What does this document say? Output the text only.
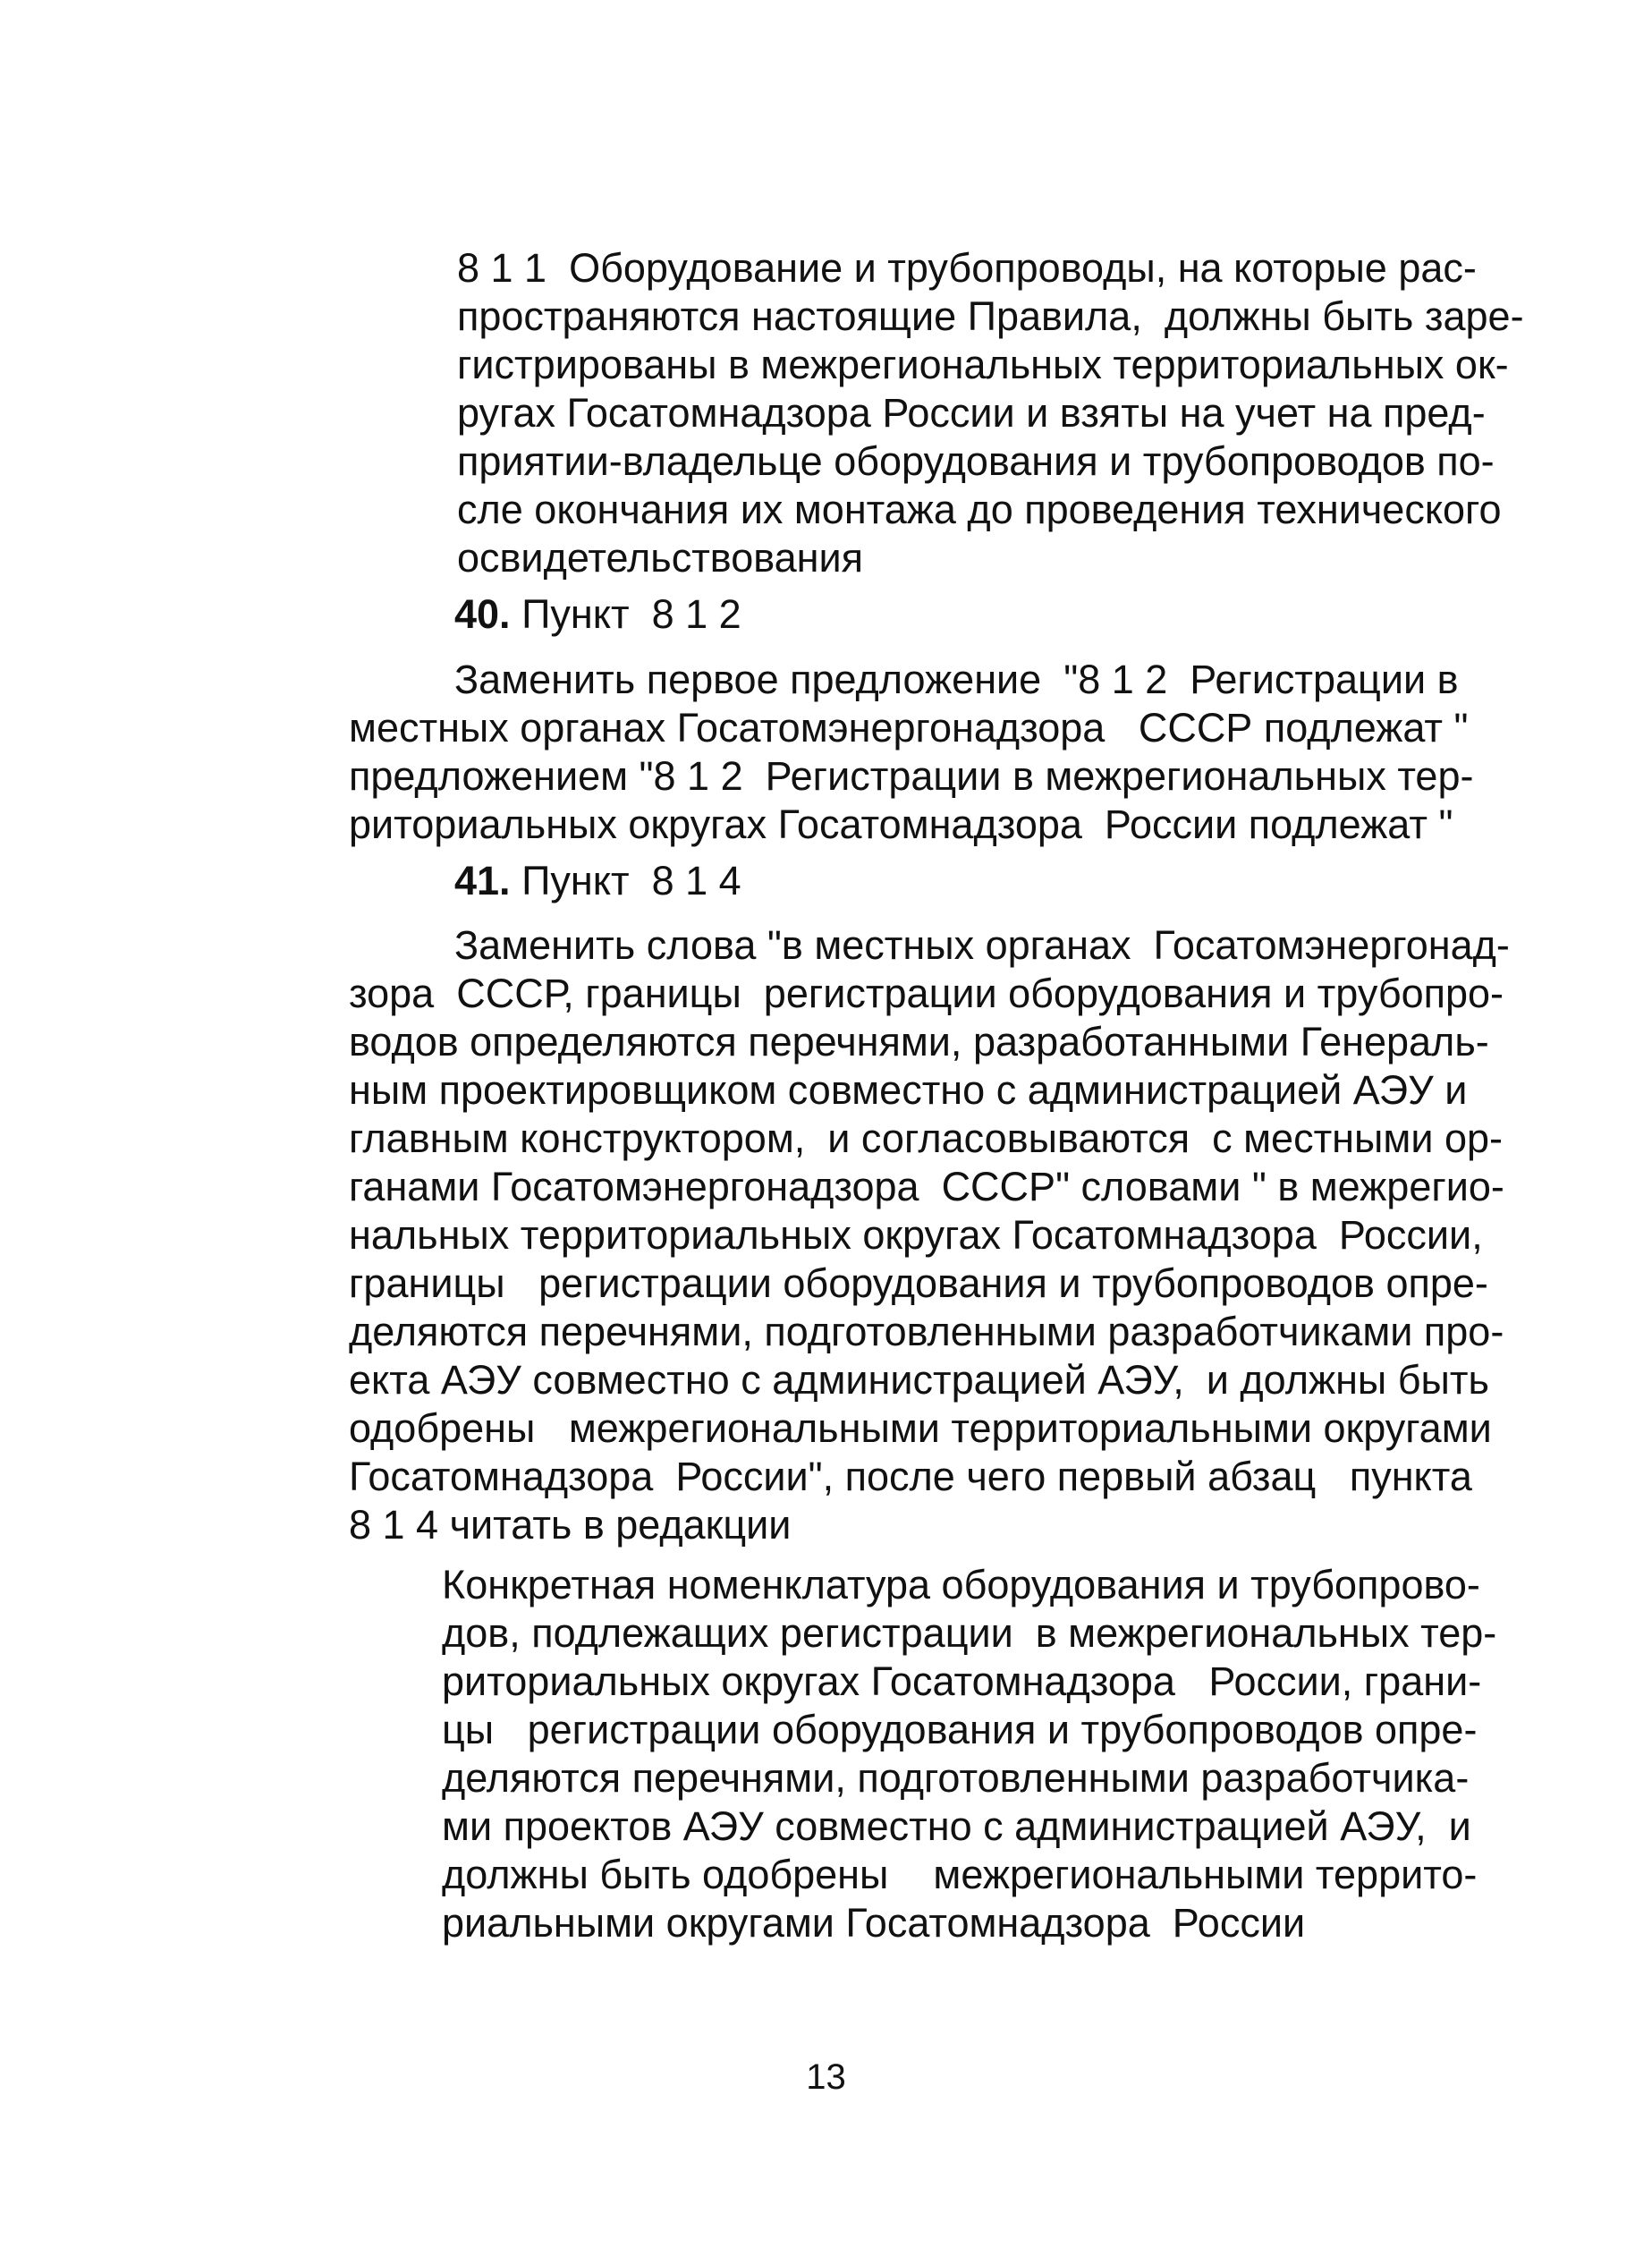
8 1 1  Оборудование и трубопроводы, на которые рас-
пространяются настоящие Правила,  должны быть заре-
гистрированы в межрегиональных территориальных ок-
ругах Госатомнадзора России и взяты на учет на пред-
приятии-владельце оборудования и трубопроводов по-
сле окончания их монтажа до проведения технического
освидетельствования
40. Пункт  8 1 2
Заменить первое предложение  "8 1 2  Регистрации в
местных органах Госатомэнергонадзора   СССР подлежат "
предложением "8 1 2  Регистрации в межрегиональных тер-
риториальных округах Госатомнадзора  России подлежат "
41. Пункт  8 1 4
Заменить слова "в местных органах  Госатомэнергонад-
зора  СССР, границы  регистрации оборудования и трубопро-
водов определяются перечнями, разработанными Генераль-
ным проектировщиком совместно с администрацией АЭУ и
главным конструктором,  и согласовываются  с местными ор-
ганами Госатомэнергонадзора  СССР" словами " в межрегио-
нальных территориальных округах Госатомнадзора  России,
границы   регистрации оборудования и трубопроводов опре-
деляются перечнями, подготовленными разработчиками про-
екта АЭУ совместно с администрацией АЭУ,  и должны быть
одобрены   межрегиональными территориальными округами
Госатомнадзора  России", после чего первый абзац   пункта
8 1 4 читать в редакции
Конкретная номенклатура оборудования и трубопрово-
дов, подлежащих регистрации  в межрегиональных тер-
риториальных округах Госатомнадзора   России, грани-
цы   регистрации оборудования и трубопроводов опре-
деляются перечнями, подготовленными разработчика-
ми проектов АЭУ совместно с администрацией АЭУ,  и
должны быть одобрены    межрегиональными террито-
риальными округами Госатомнадзора  России
13
